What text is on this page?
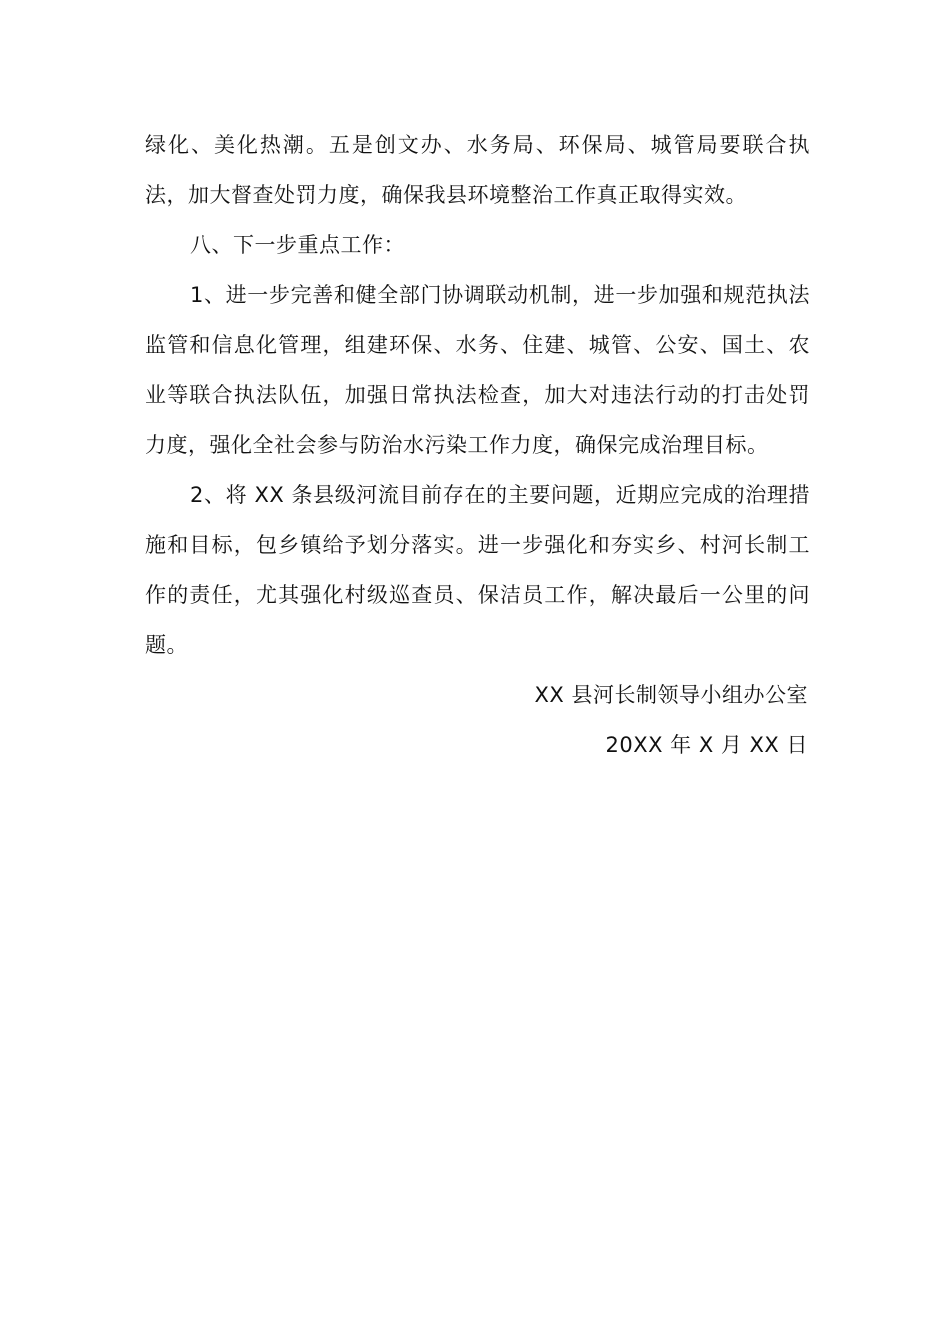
绿化、美化热潮。五是创文办、水务局、环保局、城管局要联合执法，加大督查处罚力度，确保我县环境整治工作真正取得实效。

八、下一步重点工作：

1、进一步完善和健全部门协调联动机制，进一步加强和规范执法监管和信息化管理，组建环保、水务、住建、城管、公安、国土、农业等联合执法队伍，加强日常执法检查，加大对违法行动的打击处罚力度，强化全社会参与防治水污染工作力度，确保完成治理目标。

2、将 XX 条县级河流目前存在的主要问题，近期应完成的治理措施和目标，包乡镇给予划分落实。进一步强化和夯实乡、村河长制工作的责任，尤其强化村级巡查员、保洁员工作，解决最后一公里的问题。

XX 县河长制领导小组办公室

20XX 年 X 月 XX 日
